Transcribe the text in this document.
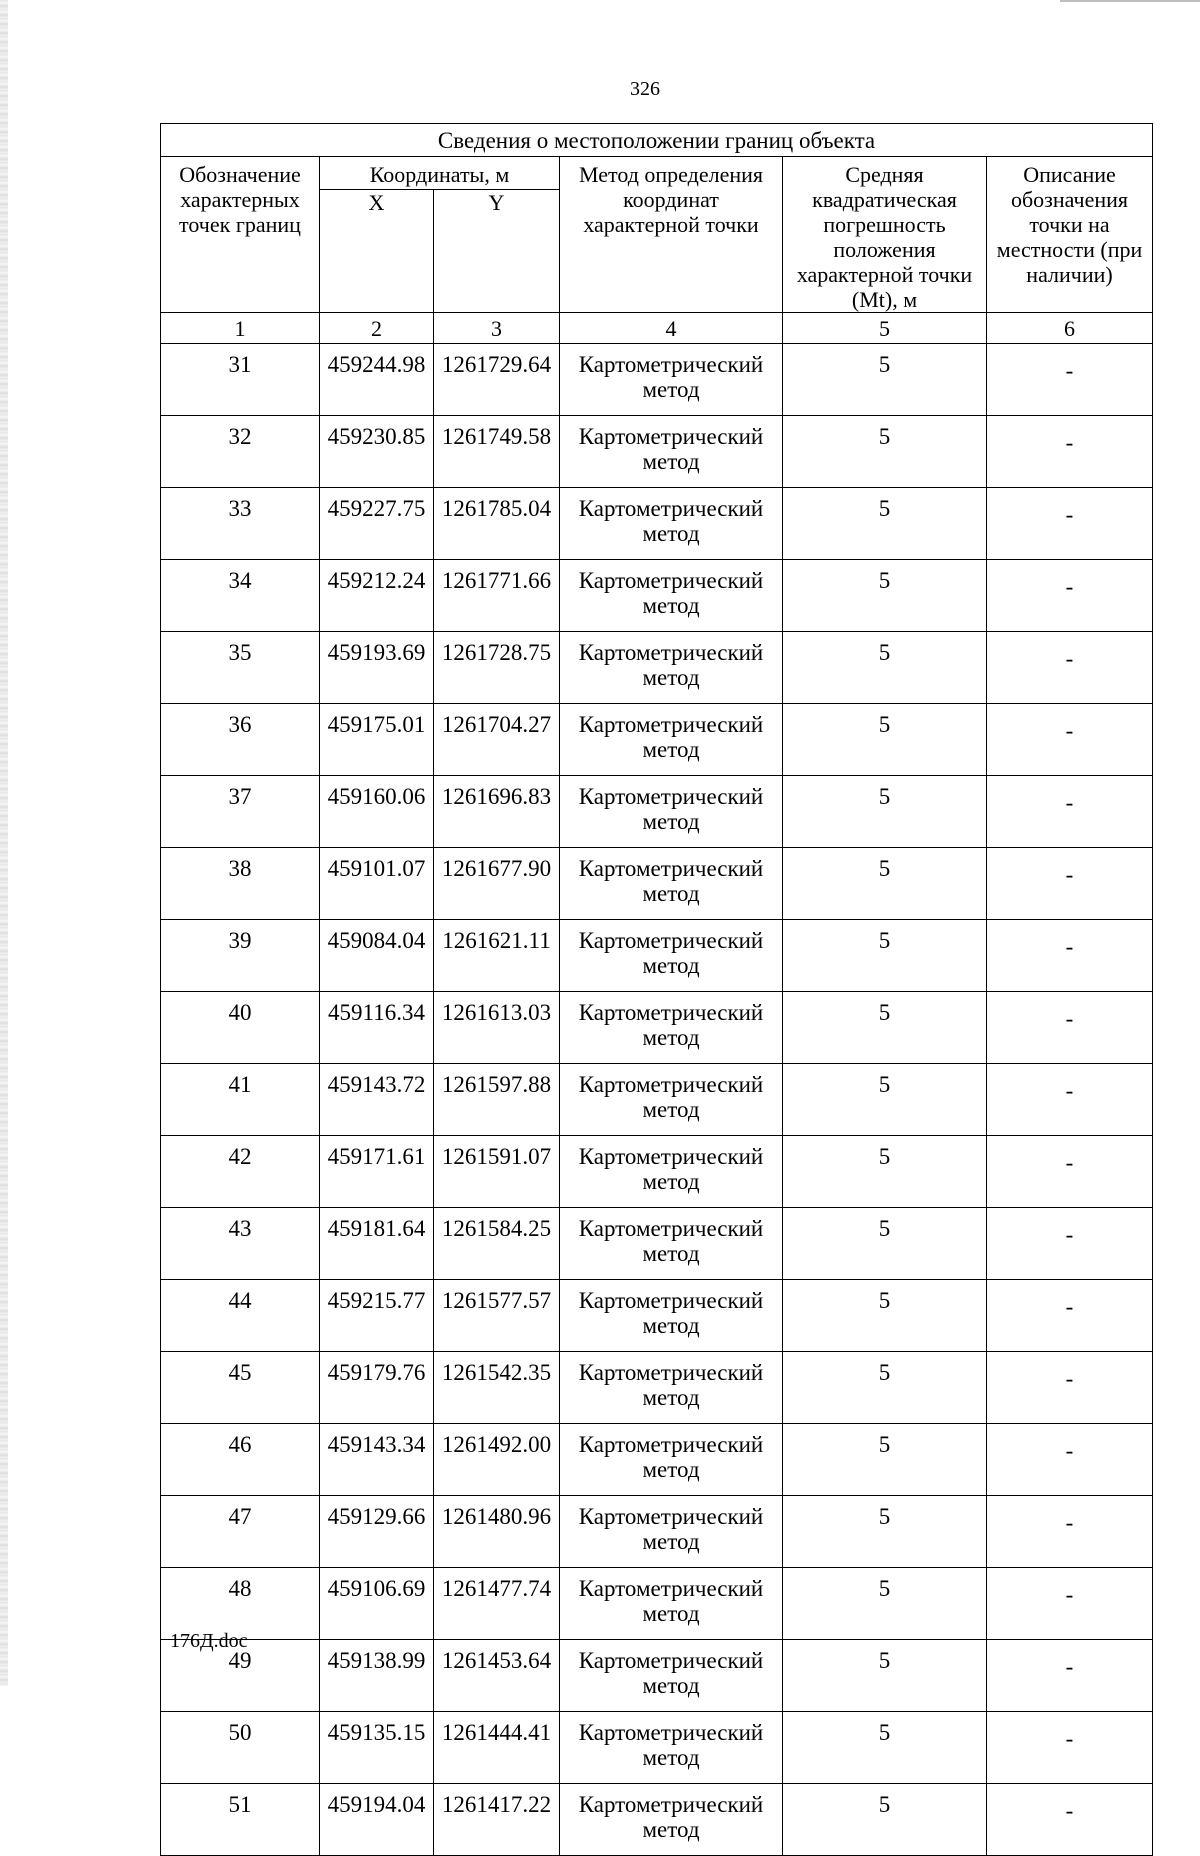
326
Сведения о местоположении границ объекта					
Обозначение характерных точек границ	Координаты, м		Метод определения координат характерной точки	Средняя квадратическая погрешность положения характерной точки (Mt), м	Описание обозначения точки на местности (при наличии)
	X	Y			
1	2	3	4	5	6
31	459244.98	1261729.64	Картометрический метод	5	-
32	459230.85	1261749.58	Картометрический метод	5	-
33	459227.75	1261785.04	Картометрический метод	5	-
34	459212.24	1261771.66	Картометрический метод	5	-
35	459193.69	1261728.75	Картометрический метод	5	-
36	459175.01	1261704.27	Картометрический метод	5	-
37	459160.06	1261696.83	Картометрический метод	5	-
38	459101.07	1261677.90	Картометрический метод	5	-
39	459084.04	1261621.11	Картометрический метод	5	-
40	459116.34	1261613.03	Картометрический метод	5	-
41	459143.72	1261597.88	Картометрический метод	5	-
42	459171.61	1261591.07	Картометрический метод	5	-
43	459181.64	1261584.25	Картометрический метод	5	-
44	459215.77	1261577.57	Картометрический метод	5	-
45	459179.76	1261542.35	Картометрический метод	5	-
46	459143.34	1261492.00	Картометрический метод	5	-
47	459129.66	1261480.96	Картометрический метод	5	-
48	459106.69	1261477.74	Картометрический метод	5	-
49	459138.99	1261453.64	Картометрический метод	5	-
50	459135.15	1261444.41	Картометрический метод	5	-
51	459194.04	1261417.22	Картометрический метод	5	-
176Д.doc
